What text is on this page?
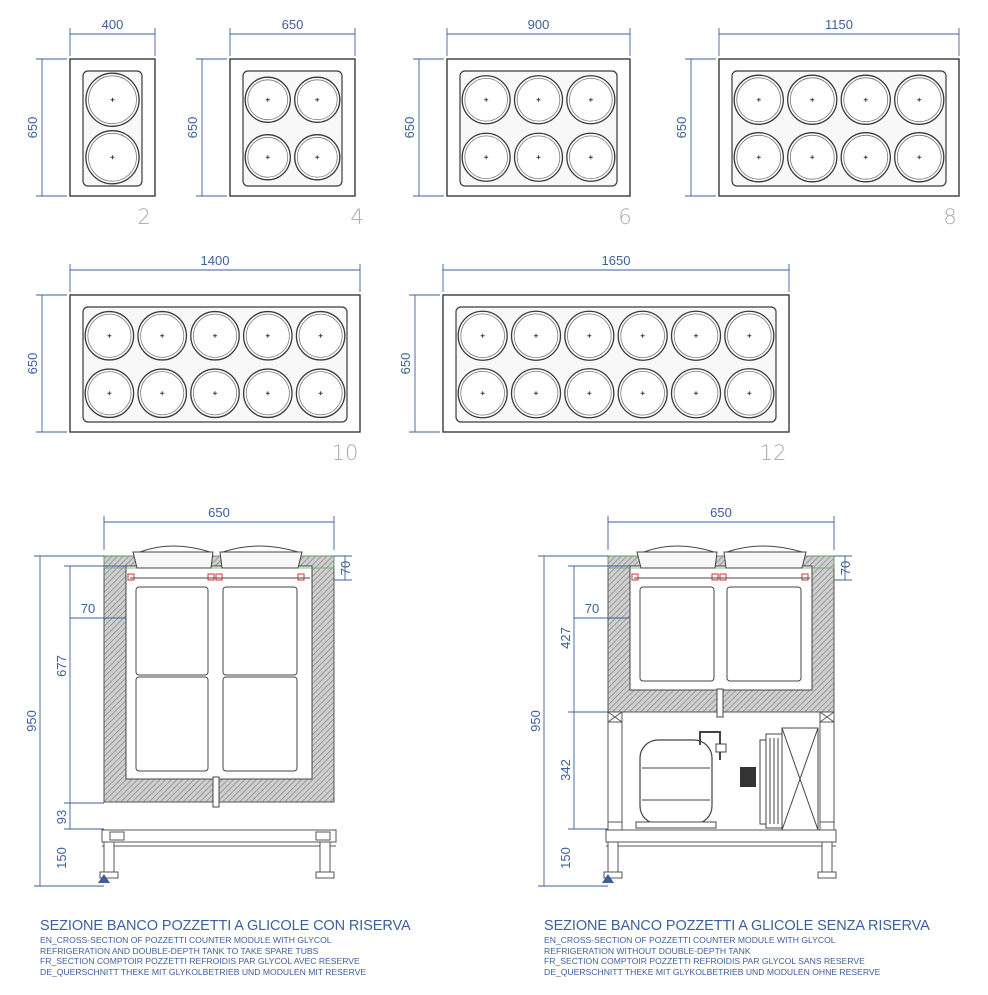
400
650
2
650
650
4
900
650
6
1150
650
8
1400
650
10
1650
650
12
650
950
677
93
150
70
70
650
950
427
342
150
70
70
SEZIONE BANCO POZZETTI A GLICOLE CON RISERVA
EN_CROSS-SECTION OF POZZETTI COUNTER MODULE WITH GLYCOL
REFRIGERATION AND DOUBLE-DEPTH TANK TO TAKE SPARE TUBS
FR_SECTION COMPTOIR POZZETTI REFROIDIS PAR GLYCOL AVEC RESERVE
DE_QUERSCHNITT THEKE MIT GLYKOLBETRIEB UND MODULEN MIT RESERVE
SEZIONE BANCO POZZETTI A GLICOLE SENZA RISERVA
EN_CROSS-SECTION OF POZZETTI COUNTER MODULE WITH GLYCOL
REFRIGERATION WITHOUT DOUBLE-DEPTH TANK
FR_SECTION COMPTOIR POZZETTI REFROIDIS PAR GLYCOL SANS RESERVE
DE_QUERSCHNITT THEKE MIT GLYKOLBETRIEB UND MODULEN OHNE RESERVE
